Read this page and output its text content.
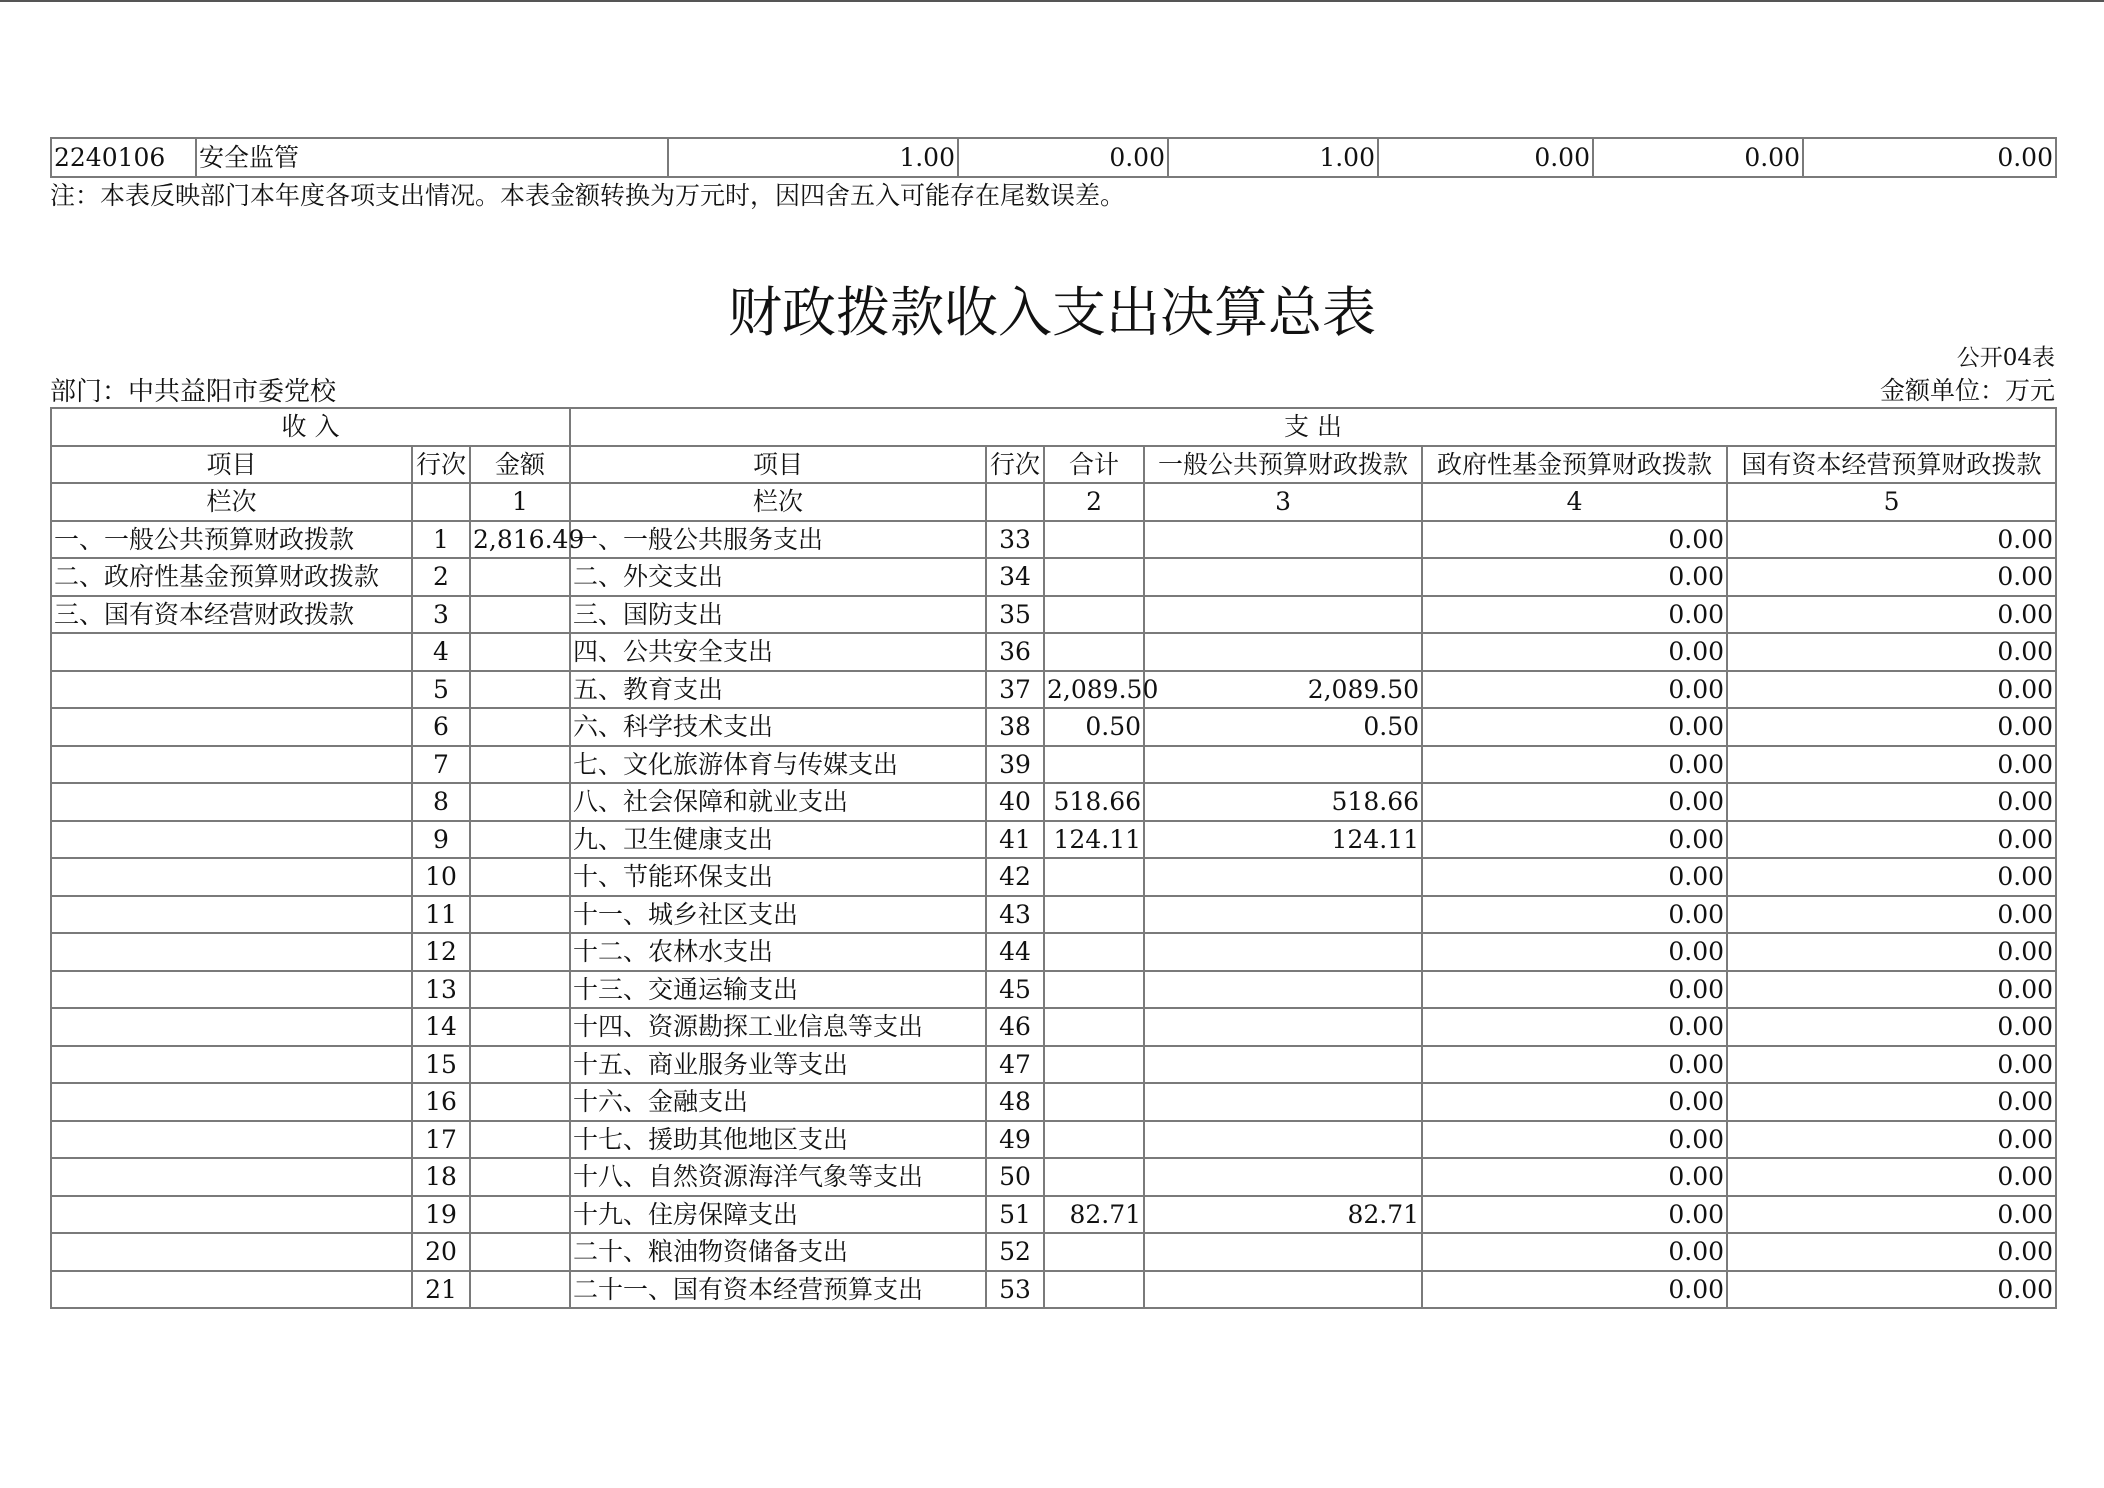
2240106	安全监管	1.00	0.00	1.00	0.00	0.00	0.00
注：本表反映部门本年度各项支出情况。本表金额转换为万元时，因四舍五入可能存在尾数误差。
财政拨款收入支出决算总表
公开04表
部门：中共益阳市委党校	金额单位：万元
收 入			支 出					
项目	行次	金额	项目	行次	合计	一般公共预算财政拨款	政府性基金预算财政拨款	国有资本经营预算财政拨款
栏次		1	栏次		2	3	4	5
一、一般公共预算财政拨款	1	2,816.49	一、一般公共服务支出	33			0.00	0.00
二、政府性基金预算财政拨款	2		二、外交支出	34			0.00	0.00
三、国有资本经营财政拨款	3		三、国防支出	35			0.00	0.00
	4		四、公共安全支出	36			0.00	0.00
	5		五、教育支出	37	2,089.50	2,089.50	0.00	0.00
	6		六、科学技术支出	38	0.50	0.50	0.00	0.00
	7		七、文化旅游体育与传媒支出	39			0.00	0.00
	8		八、社会保障和就业支出	40	518.66	518.66	0.00	0.00
	9		九、卫生健康支出	41	124.11	124.11	0.00	0.00
	10		十、节能环保支出	42			0.00	0.00
	11		十一、城乡社区支出	43			0.00	0.00
	12		十二、农林水支出	44			0.00	0.00
	13		十三、交通运输支出	45			0.00	0.00
	14		十四、资源勘探工业信息等支出	46			0.00	0.00
	15		十五、商业服务业等支出	47			0.00	0.00
	16		十六、金融支出	48			0.00	0.00
	17		十七、援助其他地区支出	49			0.00	0.00
	18		十八、自然资源海洋气象等支出	50			0.00	0.00
	19		十九、住房保障支出	51	82.71	82.71	0.00	0.00
	20		二十、粮油物资储备支出	52			0.00	0.00
	21		二十一、国有资本经营预算支出	53			0.00	0.00
